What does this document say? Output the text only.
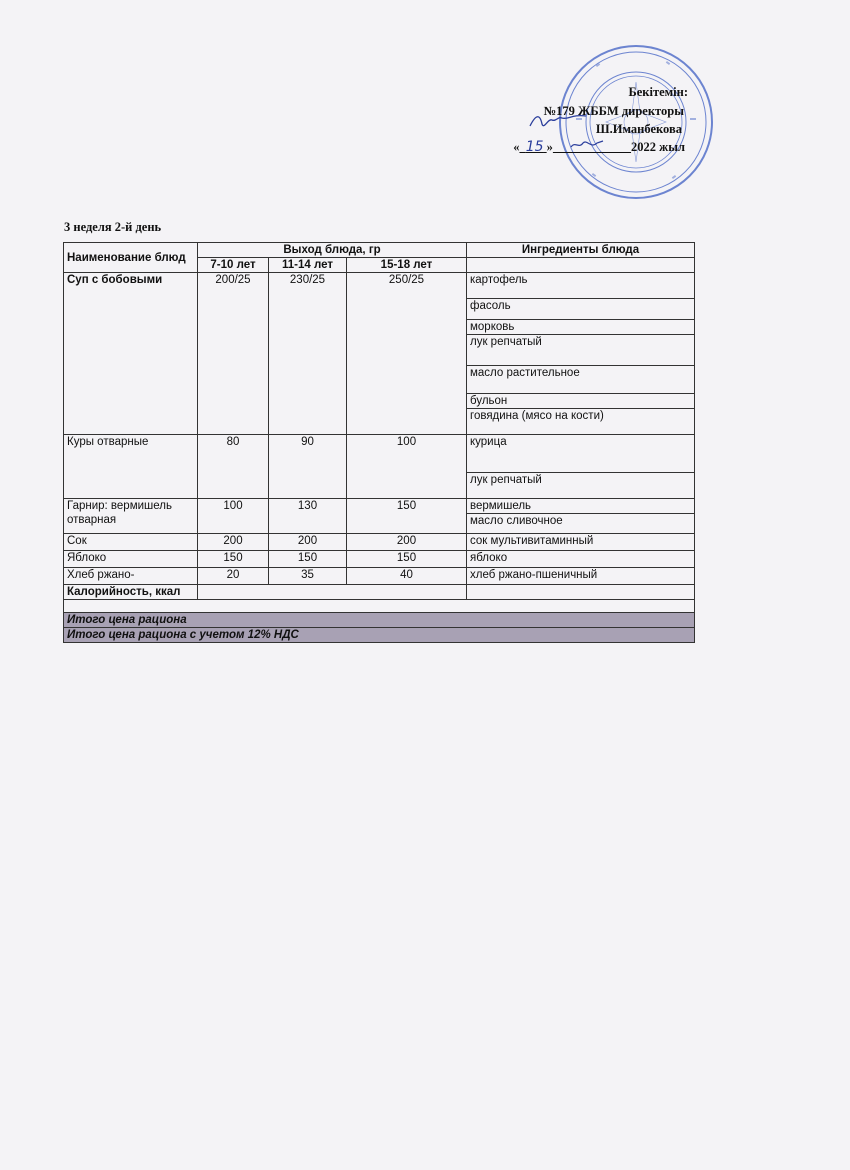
Бекітемін:
№179 ЖББМ директоры
Ш.Иманбекова
« 15 »	2022 жыл
3 неделя 2-й день
Наименование блюд	Выход блюда, гр			Ингредиенты блюда
	7-10 лет	11-14 лет	15-18 лет	
Суп с бобовыми	200/25	230/25	250/25	картофель
				фасоль
				морковь
				лук репчатый
				масло растительное
				бульон
				говядина (мясо на кости)
Куры отварные	80	90	100	курица
				лук репчатый
Гарнир: вермишель отварная	100	130	150	вермишель
				масло сливочное
Сок	200	200	200	сок мультивитаминный
Яблоко	150	150	150	яблоко
Хлеб ржано-	20	35	40	хлеб ржано-пшеничный
Калорийность, ккал				

Итого цена рациона				
Итого цена рациона с учетом 12% НДС				
